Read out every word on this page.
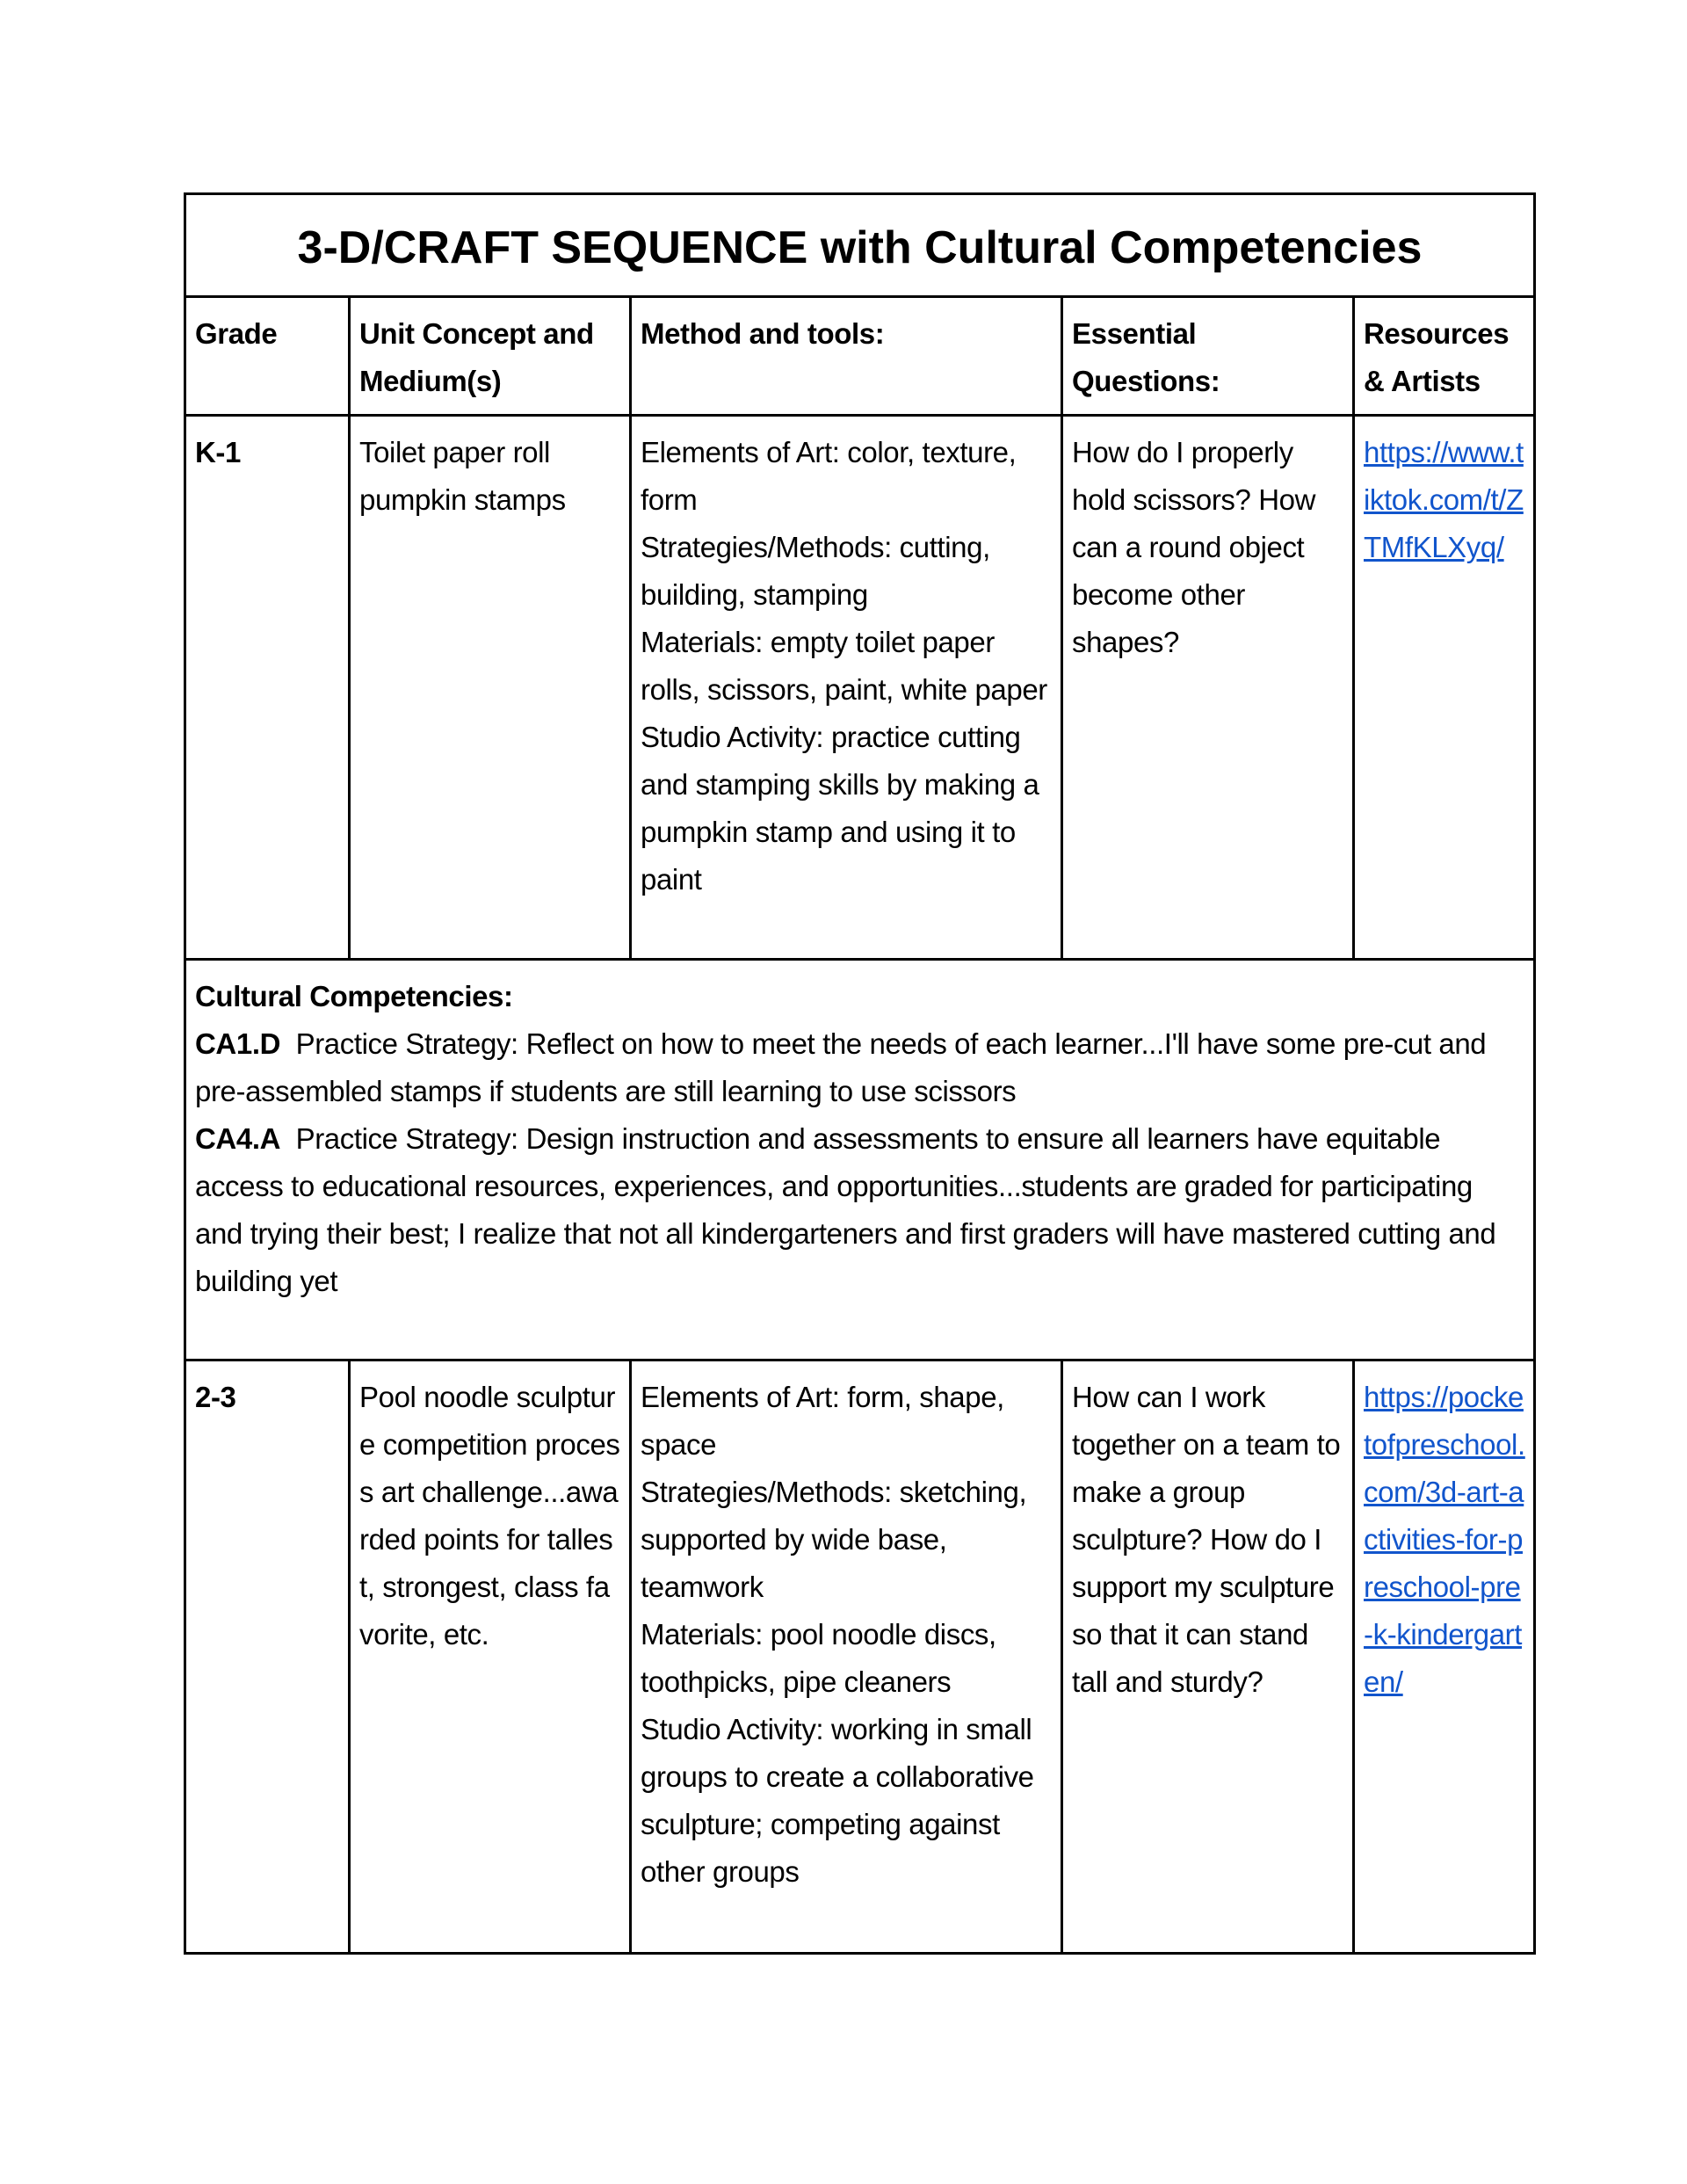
3-D/CRAFT SEQUENCE with Cultural Competencies				
Grade	Unit Concept and Medium(s)	Method and tools:	Essential Questions:	Resources & Artists
K-1	Toilet paper roll pumpkin stamps	Elements of Art: color, texture, form
Strategies/Methods: cutting, building, stamping
Materials: empty toilet paper rolls, scissors, paint, white paper
Studio Activity: practice cutting and stamping skills by making a pumpkin stamp and using it to paint	How do I properly hold scissors? How can a round object become other shapes?	https://www.tiktok.com/t/ZTMfKLXyq/

Cultural Competencies:
CA1.D Practice Strategy: Reflect on how to meet the needs of each learner...I'll have some pre-cut and pre-assembled stamps if students are still learning to use scissors
CA4.A Practice Strategy: Design instruction and assessments to ensure all learners have equitable access to educational resources, experiences, and opportunities...students are graded for participating and trying their best; I realize that not all kindergarteners and first graders will have mastered cutting and building yet				

2-3	Pool noodle sculpture competition process art challenge...awarded points for tallest, strongest, class favorite, etc.	Elements of Art: form, shape, space
Strategies/Methods: sketching, supported by wide base, teamwork
Materials: pool noodle discs, toothpicks, pipe cleaners
Studio Activity: working in small groups to create a collaborative sculpture; competing against other groups	How can I work together on a team to make a group sculpture? How do I support my sculpture so that it can stand tall and sturdy?	https://pocketofpreschool.com/3d-art-activities-for-preschool-pre-k-kindergarten/
